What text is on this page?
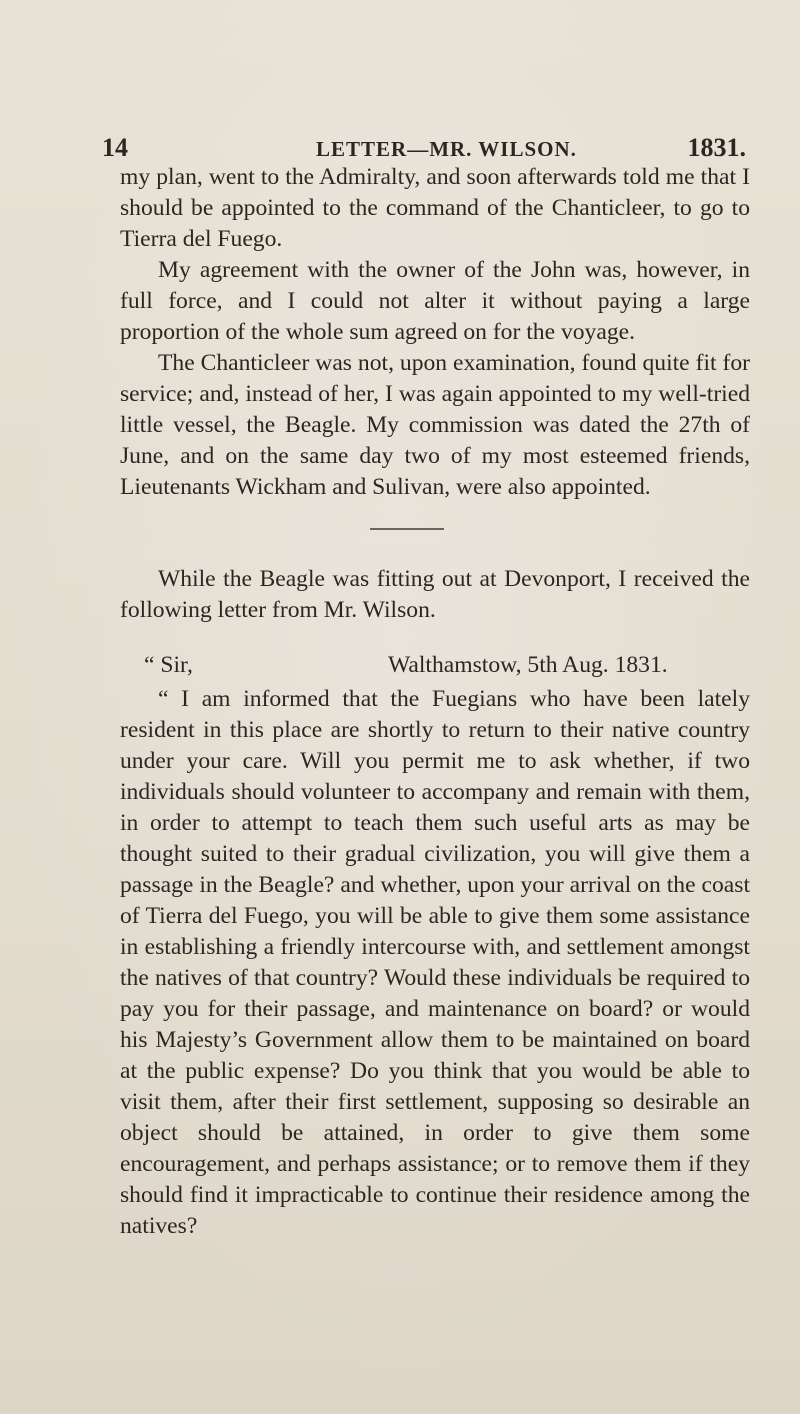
14	LETTER—MR. WILSON.	1831.

my plan, went to the Admiralty, and soon afterwards told me that I should be appointed to the command of the Chanticleer, to go to Tierra del Fuego.

My agreement with the owner of the John was, however, in full force, and I could not alter it without paying a large proportion of the whole sum agreed on for the voyage.

The Chanticleer was not, upon examination, found quite fit for service; and, instead of her, I was again appointed to my well-tried little vessel, the Beagle. My commission was dated the 27th of June, and on the same day two of my most esteemed friends, Lieutenants Wickham and Sulivan, were also appointed.

While the Beagle was fitting out at Devonport, I received the following letter from Mr. Wilson.

“ Sir,	Walthamstow, 5th Aug. 1831.

“ I am informed that the Fuegians who have been lately resident in this place are shortly to return to their native country under your care. Will you permit me to ask whether, if two individuals should volunteer to accompany and remain with them, in order to attempt to teach them such useful arts as may be thought suited to their gradual civilization, you will give them a passage in the Beagle? and whether, upon your arrival on the coast of Tierra del Fuego, you will be able to give them some assistance in establishing a friendly intercourse with, and settlement amongst the natives of that country? Would these individuals be required to pay you for their passage, and maintenance on board? or would his Majesty’s Government allow them to be maintained on board at the public expense? Do you think that you would be able to visit them, after their first settlement, supposing so desirable an object should be attained, in order to give them some encouragement, and perhaps assistance; or to remove them if they should find it impracticable to continue their residence among the natives?
